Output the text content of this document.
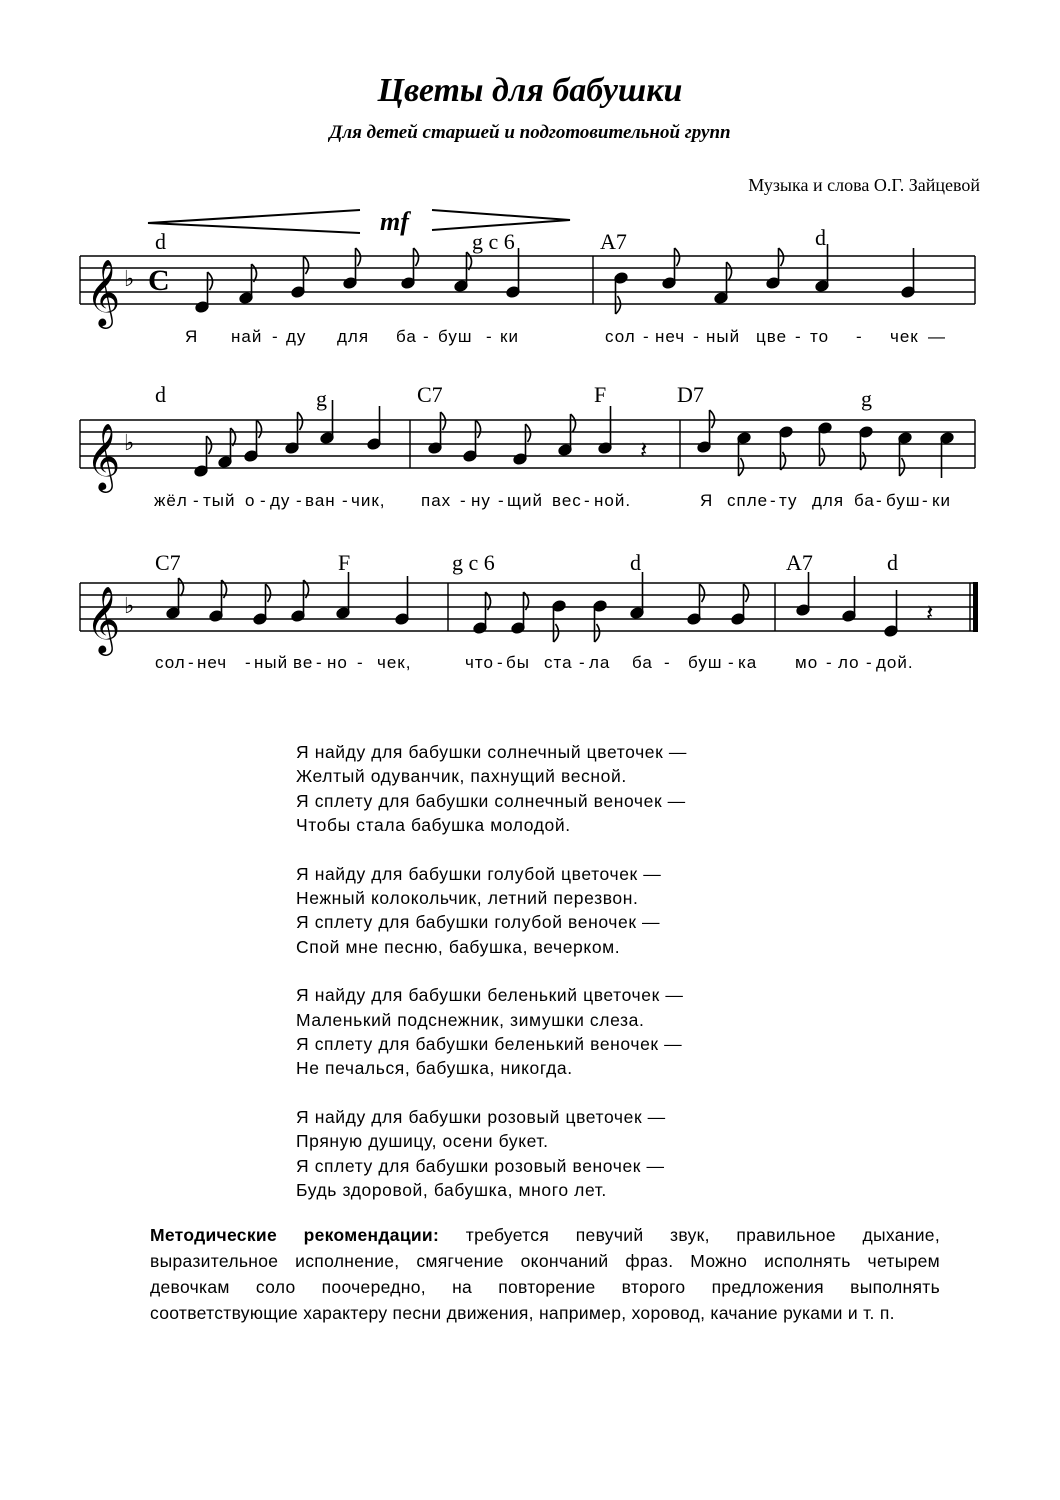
Цветы для бабушки
Для детей старшей и подготовительной групп
Музыка и слова О.Г. Зайцевой
mf
𝄞 ♭ C
𝄞 ♭	𝄽
𝄞 ♭	𝄽
d	g c 6	A7	d
d	g	C7	F	D7	g
C7	F	g c 6	d	A7	d
Я най - ду для ба - буш - ки	сол - неч - ный цве - то - чек —
жёл - тый о - ду - ван - чик, пах - ну - щий вес - ной.	Я спле - ту для ба - буш - ки
сол - неч - ный ве - но - чек,	что - бы ста - ла ба - буш - ка мо - ло - дой.
Я найду для бабушки солнечный цветочек —
Желтый одуванчик, пахнущий весной.
Я сплету для бабушки солнечный веночек —
Чтобы стала бабушка молодой.
Я найду для бабушки голубой цветочек —
Нежный колокольчик, летний перезвон.
Я сплету для бабушки голубой веночек —
Спой мне песню, бабушка, вечерком.
Я найду для бабушки беленький цветочек —
Маленький подснежник, зимушки слеза.
Я сплету для бабушки беленький веночек —
Не печалься, бабушка, никогда.
Я найду для бабушки розовый цветочек —
Пряную душицу, осени букет.
Я сплету для бабушки розовый веночек —
Будь здоровой, бабушка, много лет.
Методические рекомендации: требуется певучий звук, правильное дыхание, выразительное исполнение, смягчение окончаний фраз. Можно исполнять четырем девочкам соло поочередно, на повторение второго предложения выполнять соответствующие характеру песни движения, например, хоровод, качание руками и т. п.
